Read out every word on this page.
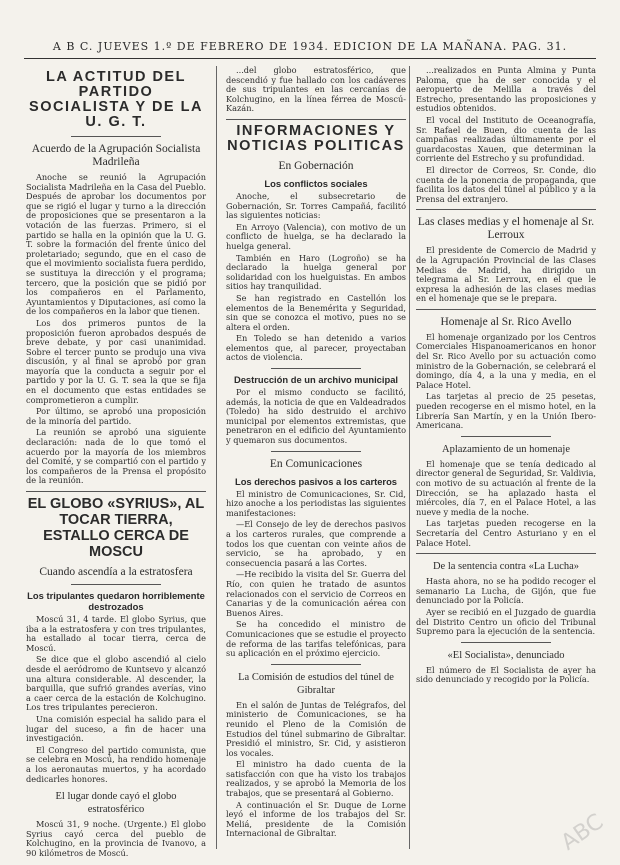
A B C. JUEVES 1.º DE FEBRERO DE 1934. EDICION DE LA MAÑANA. PAG. 31.
LA ACTITUD DEL PARTIDO SOCIALISTA Y DE LA U. G. T.
Acuerdo de la Agrupación Socialista Madrileña

Anoche se reunió la Agrupación Socialista Madrileña en la Casa del Pueblo. Después de aprobar los documentos por que se rigió el lugar y turno a la dirección de proposiciones que se presentaron a la votación de las fuerzas. Primero, si el partido se halla en la opinión que la U. G. T. sobre la formación del frente único del proletariado; segundo, que en el caso de que el movimiento socialista fuera perdido, se sustituya la dirección y el programa; tercero, que la posición que se pidió por los compañeros en el Parlamento, Ayuntamientos y Diputaciones, así como la de los compañeros en la labor que tienen.

Los dos primeros puntos de la proposición fueron aprobados después de breve debate, y por casi unanimidad. Sobre el tercer punto se produjo una viva discusión, y al final se aprobó por gran mayoría que la conducta a seguir por el partido y por la U. G. T. sea la que se fija en el documento que estas entidades se comprometieron a cumplir.

Por último, se aprobó una proposición de la minoría del partido.

La reunión se aprobó una siguiente declaración: nada de lo que tomó el acuerdo por la mayoría de los miembros del Comité, y se compartió con el partido y los compañeros de la Prensa el propósito de la reunión.

EL GLOBO «SYRIUS», AL TOCAR TIERRA, ESTALLO CERCA DE MOSCU
Cuando ascendía a la estratosfera
Los tripulantes quedaron horriblemente destrozados

Moscú 31, 4 tarde. El globo Syrius, que iba a la estratosfera y con tres tripulantes, ha estallado al tocar tierra, cerca de Moscú.

Se dice que el globo ascendió al cielo desde el aeródromo de Kuntsevo y alcanzó una altura considerable. Al descender, la barquilla, que sufrió grandes averías, vino a caer cerca de la estación de Kolchugino. Los tres tripulantes perecieron.

Una comisión especial ha salido para el lugar del suceso, a fin de hacer una investigación.

El Congreso del partido comunista, que se celebra en Moscú, ha rendido homenaje a los aeronautas muertos, y ha acordado dedicarles honores.

El lugar donde cayó el globo estratosférico

Moscú 31, 9 noche. (Urgente.) El globo Syrius cayó cerca del pueblo de Kolchugino, en la provincia de Ivanovo, a 90 kilómetros de Moscú.

...del globo estratosférico, que descendió y fue hallado con los cadáveres de sus tripulantes en las cercanías de Kolchugino, en la línea férrea de Moscú-Kazán.

INFORMACIONES Y NOTICIAS POLITICAS
En Gobernación
Los conflictos sociales

Anoche, el subsecretario de Gobernación, Sr. Torres Campañá, facilitó las siguientes noticias:

En Arroyo (Valencia), con motivo de un conflicto de huelga, se ha declarado la huelga general.

También en Haro (Logroño) se ha declarado la huelga general por solidaridad con los huelguistas. En ambos sitios hay tranquilidad.

Se han registrado en Castellón los elementos de la Benemérita y Seguridad, sin que se conozca el motivo, pues no se altera el orden.

En Toledo se han detenido a varios elementos que, al parecer, proyectaban actos de violencia.

Destrucción de un archivo municipal

Por el mismo conducto se facilitó, además, la noticia de que en Valdeadrados (Toledo) ha sido destruido el archivo municipal por elementos extremistas, que penetraron en el edificio del Ayuntamiento y quemaron sus documentos.

En Comunicaciones
Los derechos pasivos a los carteros

El ministro de Comunicaciones, Sr. Cid, hizo anoche a los periodistas las siguientes manifestaciones:

—El Consejo de ley de derechos pasivos a los carteros rurales, que comprende a todos los que cuentan con veinte años de servicio, se ha aprobado, y en consecuencia pasará a las Cortes.

—He recibido la visita del Sr. Guerra del Río, con quien he tratado de asuntos relacionados con el servicio de Correos en Canarias y de la comunicación aérea con Buenos Aires.

Se ha concedido el ministro de Comunicaciones que se estudie el proyecto de reforma de las tarifas telefónicas, para su aplicación en el próximo ejercicio.

La Comisión de estudios del túnel de Gibraltar

En el salón de Juntas de Telégrafos, del ministerio de Comunicaciones, se ha reunido el Pleno de la Comisión de Estudios del túnel submarino de Gibraltar. Presidió el ministro, Sr. Cid, y asistieron los vocales.

El ministro ha dado cuenta de la satisfacción con que ha visto los trabajos realizados, y se aprobó la Memoria de los trabajos, que se presentará al Gobierno.

A continuación el Sr. Duque de Lorne leyó el informe de los trabajos del Sr. Meliá, presidente de la Comisión Internacional de Gibraltar.

...realizados en Punta Almina y Punta Paloma, que ha de ser conocida y el aeropuerto de Melilla a través del Estrecho, presentando las proposiciones y estudios obtenidos.

El vocal del Instituto de Oceanografía, Sr. Rafael de Buen, dio cuenta de las campañas realizadas últimamente por el guardacostas Xauen, que determinan la corriente del Estrecho y su profundidad.

El director de Correos, Sr. Conde, dio cuenta de la ponencia de propaganda, que facilita los datos del túnel al público y a la Prensa del extranjero.

Las clases medias y el homenaje al Sr. Lerroux

El presidente de Comercio de Madrid y de la Agrupación Provincial de las Clases Medias de Madrid, ha dirigido un telegrama al Sr. Lerroux, en el que le expresa la adhesión de las clases medias en el homenaje que se le prepara.

Homenaje al Sr. Rico Avello

El homenaje organizado por los Centros Comerciales Hispanoamericanos en honor del Sr. Rico Avello por su actuación como ministro de la Gobernación, se celebrará el domingo, día 4, a la una y media, en el Palace Hotel.

Las tarjetas al precio de 25 pesetas, pueden recogerse en el mismo hotel, en la Librería San Martín, y en la Unión Ibero-Americana.

Aplazamiento de un homenaje

El homenaje que se tenía dedicado al director general de Seguridad, Sr. Valdivia, con motivo de su actuación al frente de la Dirección, se ha aplazado hasta el miércoles, día 7, en el Palace Hotel, a las nueve y media de la noche.

Las tarjetas pueden recogerse en la Secretaría del Centro Asturiano y en el Palace Hotel.

De la sentencia contra «La Lucha»

Hasta ahora, no se ha podido recoger el semanario La Lucha, de Gijón, que fue denunciado por la Policía.

Ayer se recibió en el Juzgado de guardia del Distrito Centro un oficio del Tribunal Supremo para la ejecución de la sentencia.

«El Socialista», denunciado

El número de El Socialista de ayer ha sido denunciado y recogido por la Policía.

ABC
